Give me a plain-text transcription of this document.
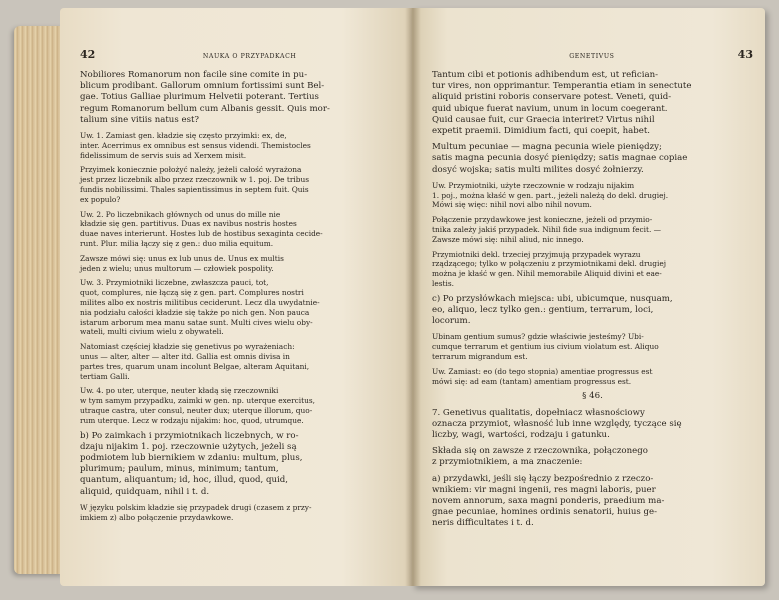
42	NAUKA O PRZYPADKACH

Nobiliores Romanorum non facile sine comite in pu-

blicum prodibant. Gallorum omnium fortissimi sunt Bel-

gae. Totius Galliae plurimum Helvetii poterant. Tertius

regum Romanorum bellum cum Albanis gessit. Quis mor-

talium sine vitiis natus est?

Uw. 1. Zamiast gen. kładzie się często przyimki: ex, de,

inter. Acerrimus ex omnibus est sensus videndi. Themistocles

fidelissimum de servis suis ad Xerxem misit.

Przyimek koniecznie położyć należy, jeżeli całość wyrażona

jest przez liczebnik albo przez rzeczownik w 1. poj. De tribus

fundis nobilissimi. Thales sapientissimus in septem fuit. Quis

ex populo?

Uw. 2. Po liczebnikach głównych od unus do mille nie

kładzie się gen. partitivus. Duas ex navibus nostris hostes

duae naves interierunt. Hostes lub de hostibus sexaginta cecide-

runt. Plur. milia łączy się z gen.: duo milia equitum.

Zawsze mówi się: unus ex lub unus de. Unus ex multis

jeden z wielu; unus multorum — człowiek pospolity.

Uw. 3. Przymiotniki liczebne, zwłaszcza pauci, tot,

quot, complures, nie łączą się z gen. part. Complures nostri

milites albo ex nostris militibus ceciderunt. Lecz dla uwydatnie-

nia podziału całości kładzie się także po nich gen. Non pauca

istarum arborum mea manu satae sunt. Multi cives wielu oby-

wateli, multi civium wielu z obywateli.

Natomiast częściej kładzie się genetivus po wyrażeniach:

unus — alter, alter — alter itd. Gallia est omnis divisa in

partes tres, quarum unam incolunt Belgae, alteram Aquitani,

tertiam Galli.

Uw. 4. po uter, uterque, neuter kładą się rzeczowniki

w tym samym przypadku, zaimki w gen. np. uterque exercitus,

utraque castra, uter consul, neuter dux; uterque illorum, quo-

rum uterque. Lecz w rodzaju nijakim: hoc, quod, utrumque.

b) Po zaimkach i przymiotnikach liczebnych, w ro-

dzaju nijakim 1. poj. rzeczownie użytych, jeżeli są

podmiotem lub biernikiem w zdaniu: multum, plus,

plurimum; paulum, minus, minimum; tantum,

quantum, aliquantum; id, hoc, illud, quod, quid,

aliquid, quidquam, nihil i t. d.

W języku polskim kładzie się przypadek drugi (czasem z przy-

imkiem z) albo połączenie przydawkowe.

GENETIVUS	43

Tantum cibi et potionis adhibendum est, ut refician-

tur vires, non opprimantur. Temperantia etiam in senectute

aliquid pristini roboris conservare potest. Veneti, quid-

quid ubique fuerat navium, unum in locum coegerant.

Quid causae fuit, cur Graecia interiret? Virtus nihil

expetit praemii. Dimidium facti, qui coepit, habet.

Multum pecuniae — magna pecunia wiele pieniędzy;

satis magna pecunia dosyć pieniędzy; satis magnae copiae

dosyć wojska; satis multi milites dosyć żołnierzy.

Uw. Przymiotniki, użyte rzeczownie w rodzaju nijakim

1. poj., można kłaść w gen. part., jeżeli należą do dekl. drugiej.

Mówi się więc: nihil novi albo nihil novum.

Połączenie przydawkowe jest konieczne, jeżeli od przymio-

tnika zależy jakiś przypadek. Nihil fide sua indignum fecit. —

Zawsze mówi się: nihil aliud, nic innego.

Przymiotniki dekl. trzeciej przyjmują przypadek wyrazu

rządzącego; tylko w połączeniu z przymiotnikami dekl. drugiej

można je kłaść w gen. Nihil memorabile Aliquid divini et eae-

lestis.

c) Po przysłówkach miejsca: ubi, ubicumque, nusquam,

eo, aliquo, lecz tylko gen.: gentium, terrarum, loci,

locorum.

Ubinam gentium sumus? gdzie właściwie jesteśmy? Ubi-

cumque terrarum et gentium ius civium violatum est. Aliquo

terrarum migrandum est.

Uw. Zamiast: eo (do tego stopnia) amentiae progressus est

mówi się: ad eam (tantam) amentiam progressus est.

§ 46.

7. Genetivus qualitatis, dopełniacz własnościowy

oznacza przymiot, własność lub inne względy, tyczące się

liczby, wagi, wartości, rodzaju i gatunku.

Składa się on zawsze z rzeczownika, połączonego

z przymiotnikiem, a ma znaczenie:

a) przydawki, jeśli się łączy bezpośrednio z rzeczo-

wnikiem: vir magni ingenii, res magni laboris, puer

novem annorum, saxa magni ponderis, praedium ma-

gnae pecuniae, homines ordinis senatorii, huius ge-

neris difficultates i t. d.
